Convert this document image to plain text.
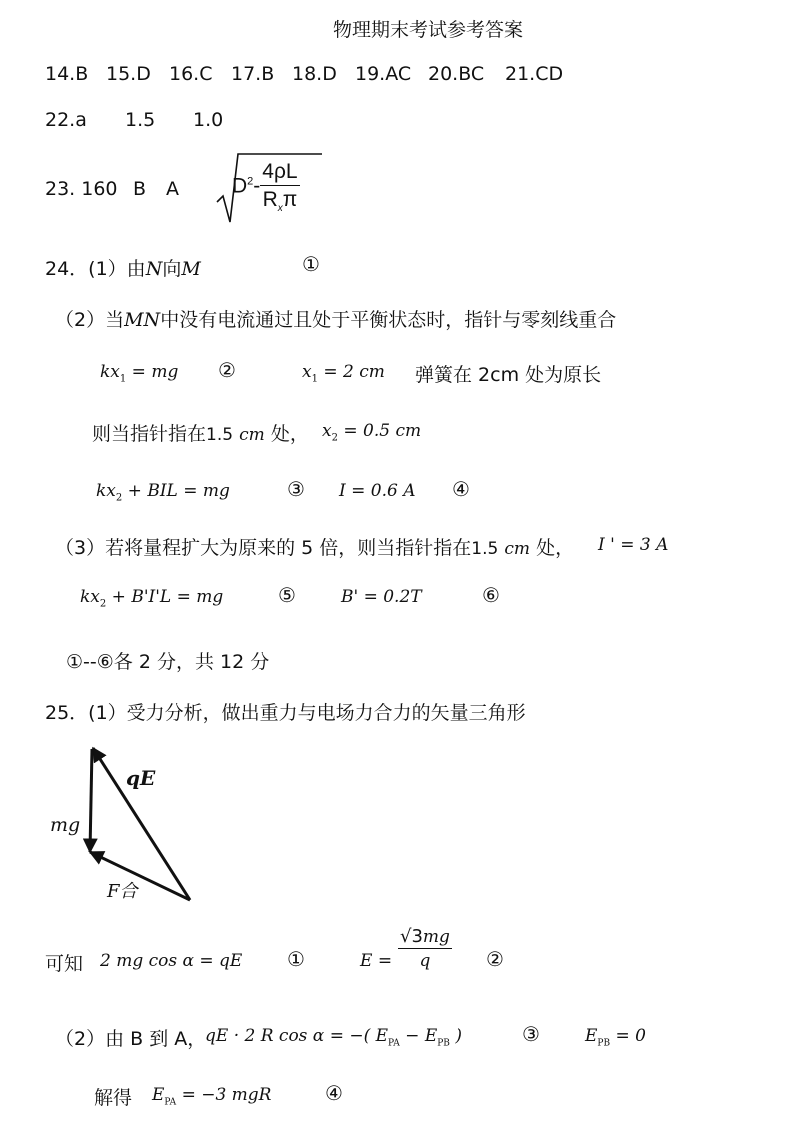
物理期末考试参考答案
14.B 15.D 16.C 17.B 18.D 19.AC 20.BC 21.CD
22.a 1.5 1.0
23. 160 B A	$D^2- \frac{4\rho L}{R_x\pi}$
24．(1）由N向M	①
（2）当MN中没有电流通过且处于平衡状态时，指针与零刻线重合
$kx_1$ = mg ②	$x_1 = 2$ cm 弹簧在 2cm 处为原长
则当指针指在1.5 cm 处， $x_2 = 0.5$ cm
$kx_2$ + BIL = mg	③ I = 0.6 A ④
（3）若将量程扩大为原来的 5 倍，则当指针指在1.5 cm 处， I ' = 3 A
$kx_2 + B'I'L$ = mg	⑤	B' = 0.2T	⑥
①--⑥各 2 分，共 12 分
25．(1）受力分析，做出重力与电场力合力的矢量三角形
qE
mg
F合
可知 2 mg cos α = qE ①	$E = \frac{√3mg}{q}$ ②
（2）由 B 到 A，
qE · 2 R cos α = −( $E_{PA} - E_{PB}$ )	③	$E_{PB} = 0$
解得 $E_{PA} = -3$ mgR	④
